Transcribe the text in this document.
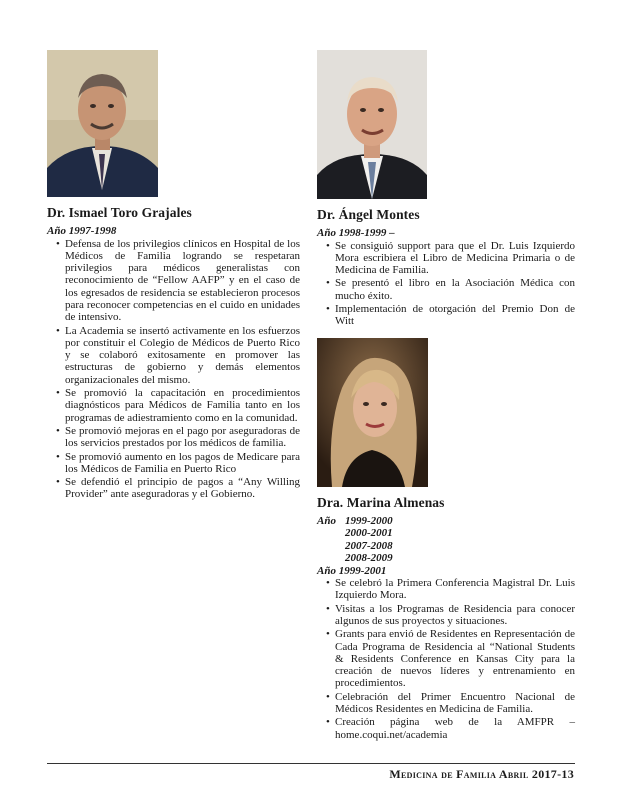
Dr. Ismael Toro Grajales
Año 1997-1998
• Defensa de los privilegios clínicos en Hospital de los Médicos de Familia logrando se respetaran privilegios para médicos generalistas con reconocimiento de “Fellow AAFP” y en el caso de los egresados de residencia se establecieron procesos para reconocer competencias en el cuido en unidades de intensivo.
• La Academia se insertó activamente en los esfuerzos por constituir el Colegio de Médicos de Puerto Rico y se colaboró exitosamente en promover las estructuras de gobierno y demás elementos organizacionales del mismo.
• Se promovió la capacitación en procedimientos diagnósticos para Médicos de Familia tanto en los programas de adiestramiento como en la comunidad.
• Se promovió mejoras en el pago por aseguradoras de los servicios prestados por los médicos de familia.
• Se promovió aumento en los pagos de Medicare para los Médicos de Familia en Puerto Rico
• Se defendió el principio de pagos a “Any Willing Provider” ante aseguradoras y el Gobierno.
Dr. Ángel Montes
Año 1998-1999 –
• Se consiguió support para que el Dr. Luis Izquierdo Mora escribiera el Libro de Medicina Primaria o de Medicina de Familia.
• Se presentó el libro en la Asociación Médica con mucho éxito.
• Implementación de otorgación del Premio Don de Witt
Dra. Marina Almenas
Año 1999-2000
2000-2001
2007-2008
2008-2009
Año 1999-2001
• Se celebró la Primera Conferencia Magistral Dr. Luis Izquierdo Mora.
• Visitas a los Programas de Residencia para conocer algunos de sus proyectos y situaciones.
• Grants para envió de Residentes en Representación de Cada Programa de Residencia al “National Students & Residents Conference en Kansas City para la creación de nuevos líderes y entrenamiento en procedimientos.
• Celebración del Primer Encuentro Nacional de Médicos Residentes en Medicina de Familia.
• Creación página web de la AMFPR – home.coqui.net/academia
Medicina de Familia Abril 2017-13
